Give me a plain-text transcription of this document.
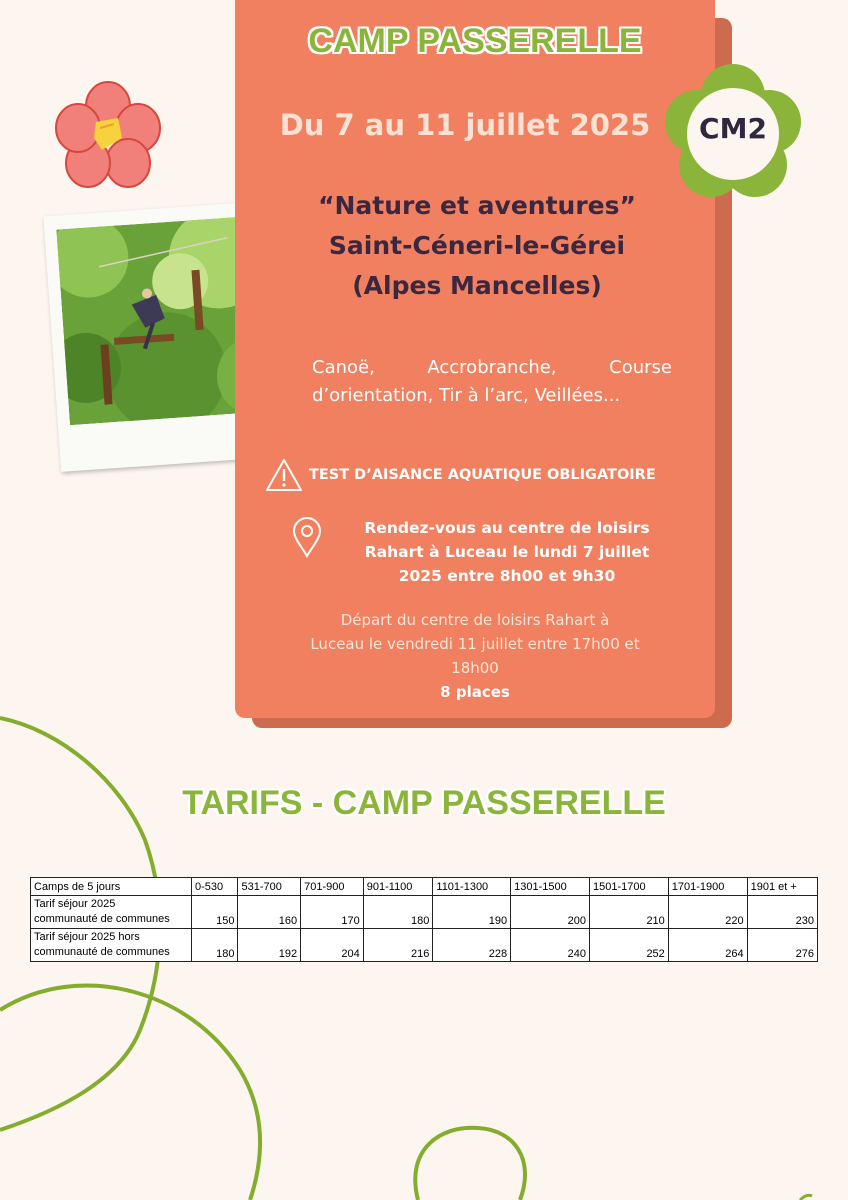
CAMP PASSERELLE
Du 7 au 11 juillet 2025
“Nature et aventures”
Saint-Céneri-le-Gérei
(Alpes Mancelles)
Canoë,	Accrobranche,	Course
d’orientation, Tir à l’arc, Veillées...
TEST D’AISANCE AQUATIQUE OBLIGATOIRE
Rendez-vous au centre de loisirs
Rahart à Luceau le lundi 7 juillet
2025 entre 8h00 et 9h30
Départ du centre de loisirs Rahart à
Luceau le vendredi 11 juillet entre 17h00 et
18h00
8 places
CM2
TARIFS - CAMP PASSERELLE
Camps de 5 jours	0-530	531-700	701-900	901-1100	1101-1300	1301-1500	1501-1700	1701-1900	1901 et +

Tarif séjour 2025
communauté de communes	150	160	170	180	190	200	210	220	230

Tarif séjour 2025 hors
communauté de communes	180	192	204	216	228	240	252	264	276
